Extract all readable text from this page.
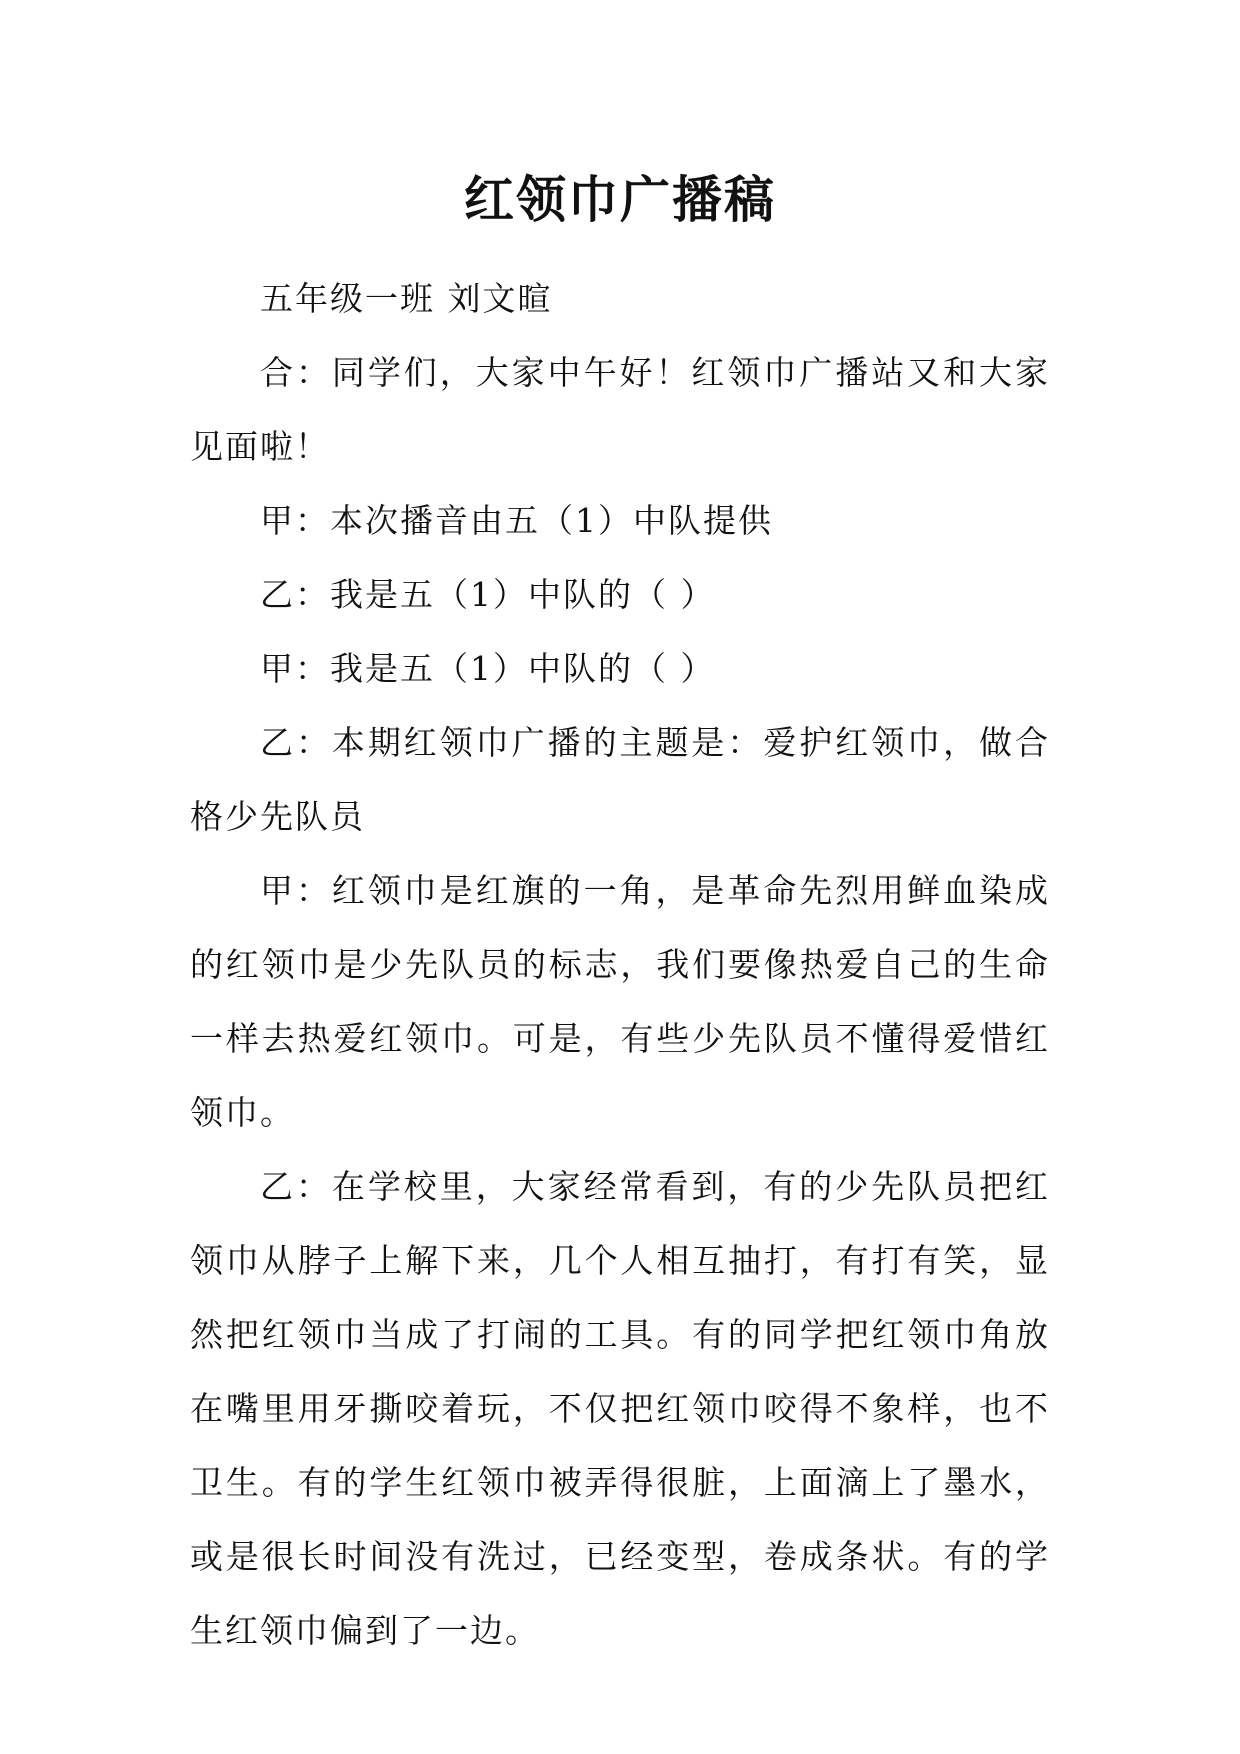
红领巾广播稿

五年级一班 刘文暄

合：同学们，大家中午好！红领巾广播站又和大家见面啦！

甲：本次播音由五（1）中队提供

乙：我是五（1）中队的（ ）

甲：我是五（1）中队的（ ）

乙：本期红领巾广播的主题是：爱护红领巾，做合格少先队员

甲：红领巾是红旗的一角，是革命先烈用鲜血染成的红领巾是少先队员的标志，我们要像热爱自己的生命一样去热爱红领巾。可是，有些少先队员不懂得爱惜红领巾。

乙：在学校里，大家经常看到，有的少先队员把红领巾从脖子上解下来，几个人相互抽打，有打有笑，显然把红领巾当成了打闹的工具。有的同学把红领巾角放在嘴里用牙撕咬着玩，不仅把红领巾咬得不象样，也不卫生。有的学生红领巾被弄得很脏，上面滴上了墨水，或是很长时间没有洗过，已经变型，卷成条状。有的学生红领巾偏到了一边。
